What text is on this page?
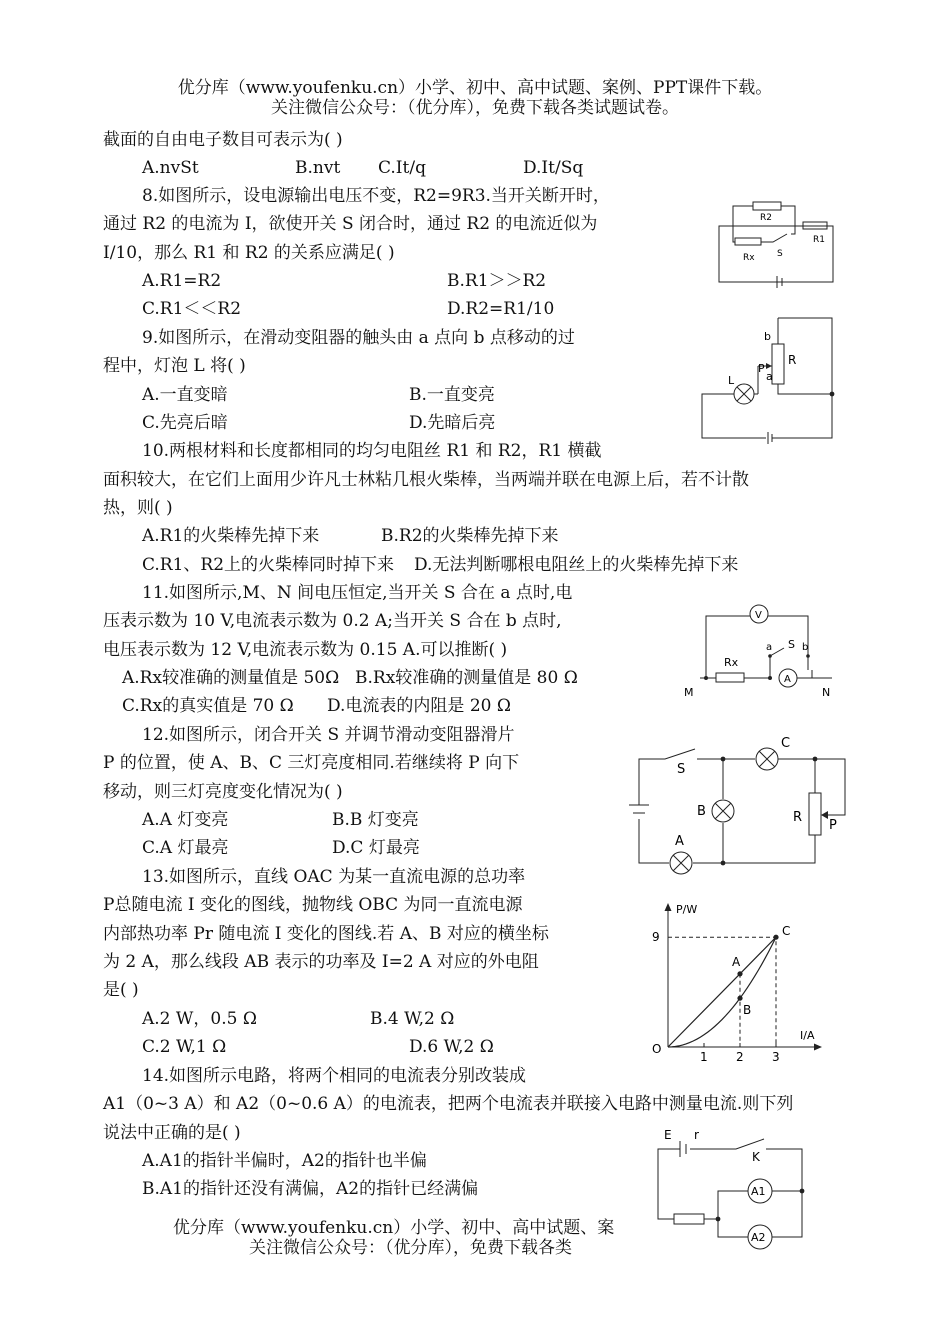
优分库（www.youfenku.cn）小学、初中、高中试题、案例、PPT课件下载。
关注微信公众号：（优分库），免费下载各类试题试卷。
截面的自由电子数目可表示为( )
A.nvSt	B.nvt C.It/q	D.It/Sq
8.如图所示，设电源输出电压不变，R2=9R3.当开关断开时，
通过 R2 的电流为 I，欲使开关 S 闭合时，通过 R2 的电流近似为
I/10，那么 R1 和 R2 的关系应满足( )
A.R1=R2	B.R1＞＞R2
C.R1＜＜R2	D.R2=R1/10
R2
Rx S
R1
9.如图所示，在滑动变阻器的触头由 a 点向 b 点移动的过
程中，灯泡 L 将( )
A.一直变暗	B.一直变亮
C.先亮后暗	D.先暗后亮
b
R
P
a
L
10.两根材料和长度都相同的均匀电阻丝 R1 和 R2，R1 横截
面积较大，在它们上面用少许凡士林粘几根火柴棒，当两端并联在电源上后，若不计散
热，则( )
A.R1的火柴棒先掉下来	B.R2的火柴棒先掉下来
C.R1、R2上的火柴棒同时掉下来 D.无法判断哪根电阻丝上的火柴棒先掉下来
11.如图所示,M、N 间电压恒定,当开关 S 合在 a 点时,电
压表示数为 10 V,电流表示数为 0.2 A;当开关 S 合在 b 点时,
电压表示数为 12 V,电流表示数为 0.15 A.可以推断( )
A.Rx较准确的测量值是 50Ω B.Rx较准确的测量值是 80 Ω
C.Rx的真实值是 70 Ω D.电流表的内阻是 20 Ω
V
Rx
a S b
A
M	N
12.如图所示，闭合开关 S 并调节滑动变阻器滑片
P 的位置，使 A、B、C 三灯亮度相同.若继续将 P 向下
移动，则三灯亮度变化情况为( )
A.A 灯变亮	B.B 灯变亮
C.A 灯最亮	D.C 灯最亮
S
C
B	R
P
A
13.如图所示，直线 OAC 为某一直流电源的总功率
P总随电流 I 变化的图线，抛物线 OBC 为同一直流电源
内部热功率 Pr 随电流 I 变化的图线.若 A、B 对应的横坐标
为 2 A，那么线段 AB 表示的功率及 I=2 A 对应的外电阻
是( )
A.2 W，0.5 Ω	B.4 W,2 Ω
C.2 W,1 Ω	D.6 W,2 Ω	1 2 3
9
A
B
C
P/W
I/A
O
14.如图所示电路，将两个相同的电流表分别改装成
A1（0~3 A）和 A2（0~0.6 A）的电流表，把两个电流表并联接入电路中测量电流.则下列
说法中正确的是( )
A.A1的指针半偏时，A2的指针也半偏
B.A1的指针还没有满偏，A2的指针已经满偏
E r
K
A1
A2
优分库（www.youfenku.cn）小学、初中、高中试题、案
关注微信公众号：（优分库），免费下载各类
